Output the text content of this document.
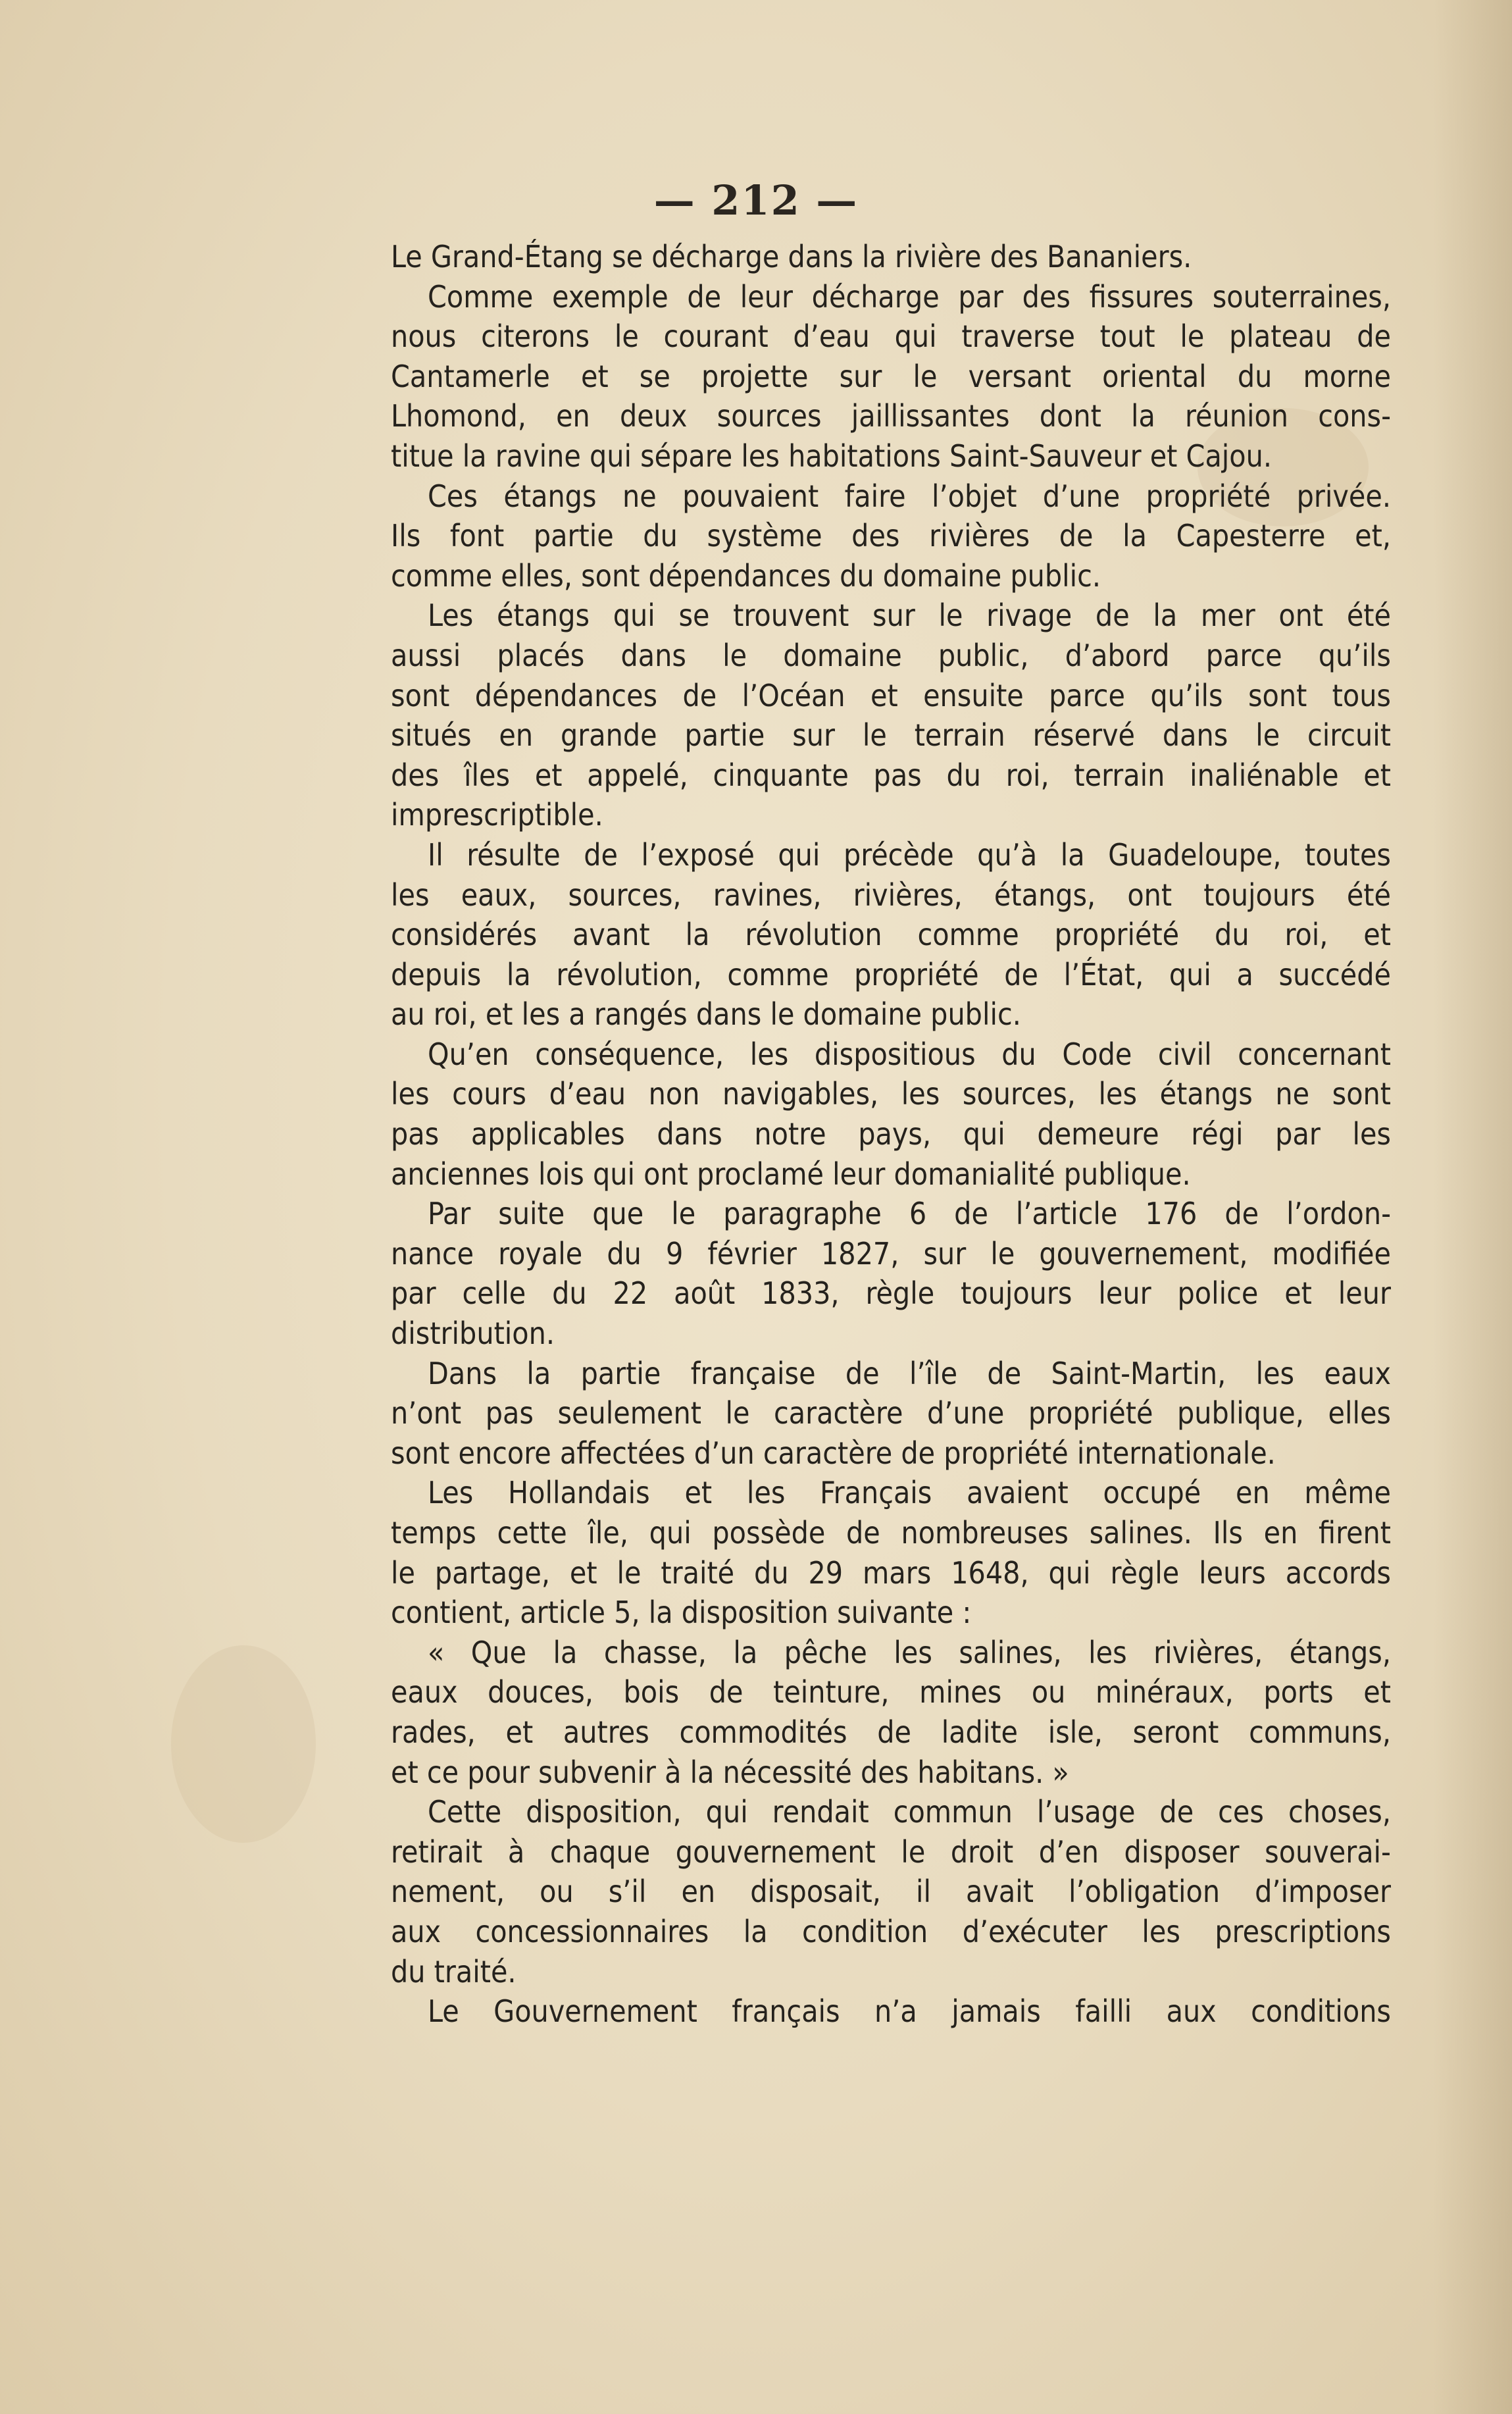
— 212 —
Le Grand-Étang se décharge dans la rivière des Bananiers.
Comme exemple de leur décharge par des fissures souterraines,
nous citerons le courant d’eau qui traverse tout le plateau de
Cantamerle et se projette sur le versant oriental du morne
Lhomond, en deux sources jaillissantes dont la réunion cons-
titue la ravine qui sépare les habitations Saint-Sauveur et Cajou.
Ces étangs ne pouvaient faire l’objet d’une propriété privée.
Ils font partie du système des rivières de la Capesterre et,
comme elles, sont dépendances du domaine public.
Les étangs qui se trouvent sur le rivage de la mer ont été
aussi placés dans le domaine public, d’abord parce qu’ils
sont dépendances de l’Océan et ensuite parce qu’ils sont tous
situés en grande partie sur le terrain réservé dans le circuit
des îles et appelé, cinquante pas du roi, terrain inaliénable et
imprescriptible.
Il résulte de l’exposé qui précède qu’à la Guadeloupe, toutes
les eaux, sources, ravines, rivières, étangs, ont toujours été
considérés avant la révolution comme propriété du roi, et
depuis la révolution, comme propriété de l’État, qui a succédé
au roi, et les a rangés dans le domaine public.
Qu’en conséquence, les dispositious du Code civil concernant
les cours d’eau non navigables, les sources, les étangs ne sont
pas applicables dans notre pays, qui demeure régi par les
anciennes lois qui ont proclamé leur domanialité publique.
Par suite que le paragraphe 6 de l’article 176 de l’ordon-
nance royale du 9 février 1827, sur le gouvernement, modifiée
par celle du 22 août 1833, règle toujours leur police et leur
distribution.
Dans la partie française de l’île de Saint-Martin, les eaux
n’ont pas seulement le caractère d’une propriété publique, elles
sont encore affectées d’un caractère de propriété internationale.
Les Hollandais et les Français avaient occupé en même
temps cette île, qui possède de nombreuses salines. Ils en firent
le partage, et le traité du 29 mars 1648, qui règle leurs accords
contient, article 5, la disposition suivante :
« Que la chasse, la pêche les salines, les rivières, étangs,
eaux douces, bois de teinture, mines ou minéraux, ports et
rades, et autres commodités de ladite isle, seront communs,
et ce pour subvenir à la nécessité des habitans. »
Cette disposition, qui rendait commun l’usage de ces choses,
retirait à chaque gouvernement le droit d’en disposer souverai-
nement, ou s’il en disposait, il avait l’obligation d’imposer
aux concessionnaires la condition d’exécuter les prescriptions
du traité.
Le Gouvernement français n’a jamais failli aux conditions
